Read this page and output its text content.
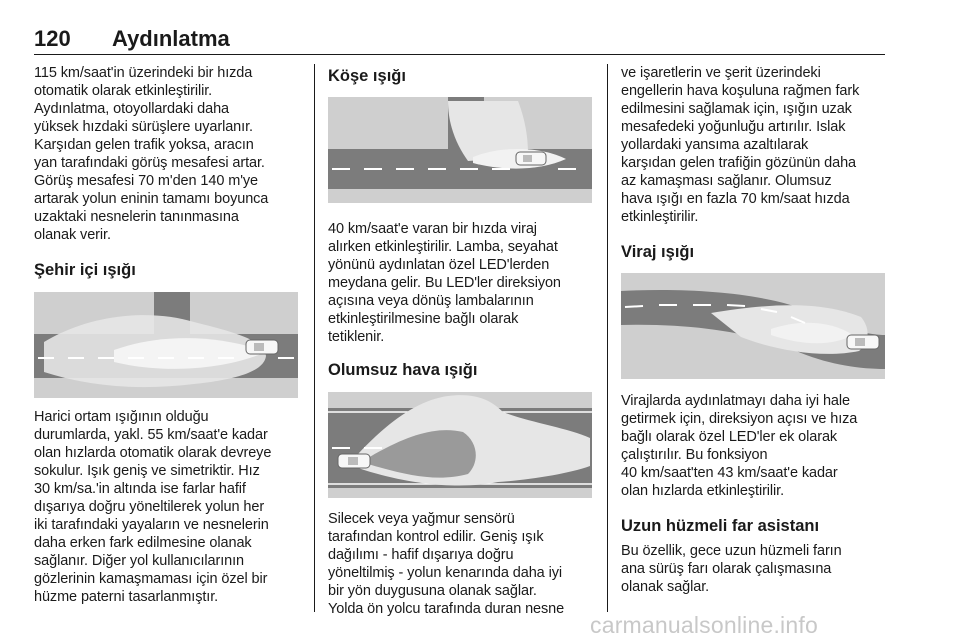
120 Aydınlatma

115 km/saat'in üzerindeki bir hızda
otomatik olarak etkinleştirilir.
Aydınlatma, otoyollardaki daha
yüksek hızdaki sürüşlere uyarlanır.
Karşıdan gelen trafik yoksa, aracın
yan tarafındaki görüş mesafesi artar.
Görüş mesafesi 70 m'den 140 m'ye
artarak yolun eninin tamamı boyunca
uzaktaki nesnelerin tanınmasına
olanak verir.

Şehir içi ışığı

Harici ortam ışığının olduğu
durumlarda, yakl. 55 km/saat'e kadar
olan hızlarda otomatik olarak devreye
sokulur. Işık geniş ve simetriktir. Hız
30 km/sa.'in altında ise farlar hafif
dışarıya doğru yöneltilerek yolun her
iki tarafındaki yayaların ve nesnelerin
daha erken fark edilmesine olanak
sağlanır. Diğer yol kullanıcılarının
gözlerinin kamaşmaması için özel bir
hüzme paterni tasarlanmıştır.

Köşe ışığı

40 km/saat'e varan bir hızda viraj
alırken etkinleştirilir. Lamba, seyahat
yönünü aydınlatan özel LED'lerden
meydana gelir. Bu LED'ler direksiyon
açısına veya dönüş lambalarının
etkinleştirilmesine bağlı olarak
tetiklenir.

Olumsuz hava ışığı

Silecek veya yağmur sensörü
tarafından kontrol edilir. Geniş ışık
dağılımı - hafif dışarıya doğru
yöneltilmiş - yolun kenarında daha iyi
bir yön duygusuna olanak sağlar.
Yolda ön yolcu tarafında duran nesne

ve işaretlerin ve şerit üzerindeki
engellerin hava koşuluna rağmen fark
edilmesini sağlamak için, ışığın uzak
mesafedeki yoğunluğu artırılır. Islak
yollardaki yansıma azaltılarak
karşıdan gelen trafiğin gözünün daha
az kamaşması sağlanır. Olumsuz
hava ışığı en fazla 70 km/saat hızda
etkinleştirilir.

Viraj ışığı

Virajlarda aydınlatmayı daha iyi hale
getirmek için, direksiyon açısı ve hıza
bağlı olarak özel LED'ler ek olarak
çalıştırılır. Bu fonksiyon
40 km/saat'ten 43 km/saat'e kadar
olan hızlarda etkinleştirilir.

Uzun hüzmeli far asistanı

Bu özellik, gece uzun hüzmeli farın
ana sürüş farı olarak çalışmasına
olanak sağlar.

carmanualsonline.info
